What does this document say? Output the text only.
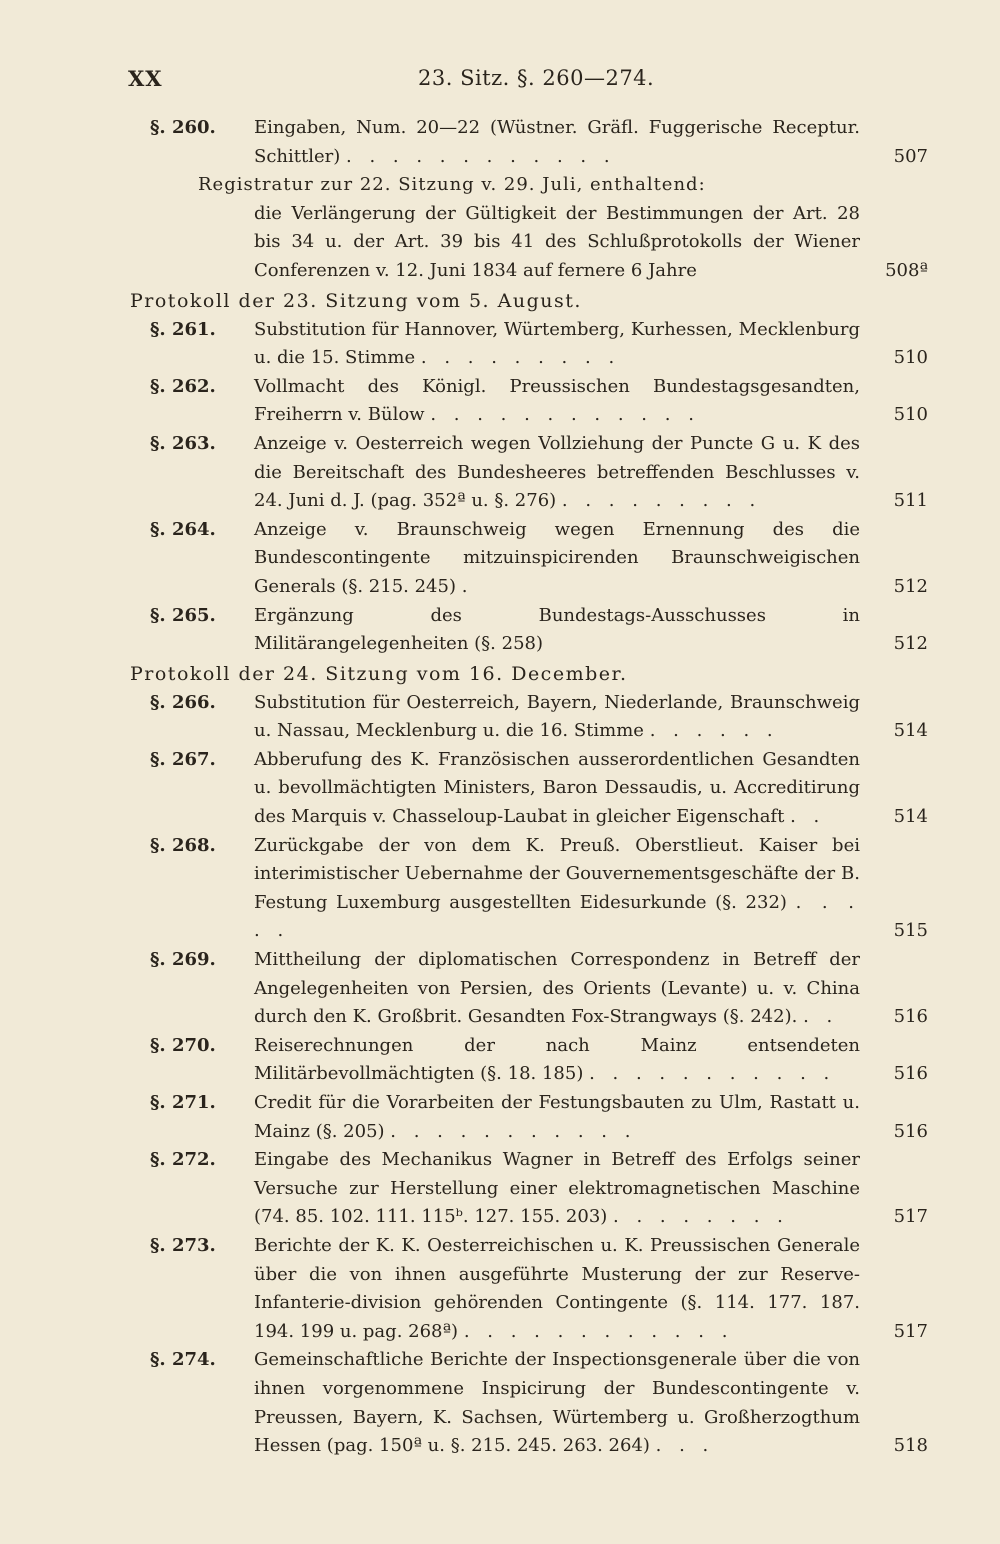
XX	23. Sitz. §. 260—274.
§. 260. Eingaben, Num. 20—22 (Wüstner. Gräfl. Fuggerische Receptur. Schittler) . . . . . . . . . . . .	507
Registratur zur 22. Sitzung v. 29. Juli, enthaltend:
die Verlängerung der Gültigkeit der Bestimmungen der Art. 28 bis 34 u. der Art. 39 bis 41 des Schlußprotokolls der Wiener Conferenzen v. 12. Juni 1834 auf fernere 6 Jahre	508ª
Protokoll der 23. Sitzung vom 5. August.
§. 261. Substitution für Hannover, Würtemberg, Kurhessen, Mecklenburg u. die 15. Stimme . . . . . . . . .	510
§. 262. Vollmacht des Königl. Preussischen Bundestagsgesandten, Freiherrn v. Bülow . . . . . . . . . . . .	510
§. 263. Anzeige v. Oesterreich wegen Vollziehung der Puncte G u. K des die Bereitschaft des Bundesheeres betreffenden Beschlusses v. 24. Juni d. J. (pag. 352ª u. §. 276) . . . . . . . . .	511
§. 264. Anzeige v. Braunschweig wegen Ernennung des die Bundescontingente mitzuinspicirenden Braunschweigischen Generals (§. 215. 245) .	512
§. 265. Ergänzung des Bundestags-Ausschusses in Militärangelegenheiten (§. 258)	512
Protokoll der 24. Sitzung vom 16. December.
§. 266. Substitution für Oesterreich, Bayern, Niederlande, Braunschweig u. Nassau, Mecklenburg u. die 16. Stimme . . . . . .	514
§. 267. Abberufung des K. Französischen ausserordentlichen Gesandten u. bevollmächtigten Ministers, Baron Dessaudis, u. Accreditirung des Marquis v. Chasseloup-Laubat in gleicher Eigenschaft . .	514
§. 268. Zurückgabe der von dem K. Preuß. Oberstlieut. Kaiser bei interimistischer Uebernahme der Gouvernementsgeschäfte der B. Festung Luxemburg ausgestellten Eidesurkunde (§. 232) . . . . .	515
§. 269. Mittheilung der diplomatischen Correspondenz in Betreff der Angelegenheiten von Persien, des Orients (Levante) u. v. China durch den K. Großbrit. Gesandten Fox-Strangways (§. 242). . .	516
§. 270. Reiserechnungen der nach Mainz entsendeten Militärbevollmächtigten (§. 18. 185) . . . . . . . . . . .	516
§. 271. Credit für die Vorarbeiten der Festungsbauten zu Ulm, Rastatt u. Mainz (§. 205) . . . . . . . . . . .	516
§. 272. Eingabe des Mechanikus Wagner in Betreff des Erfolgs seiner Versuche zur Herstellung einer elektromagnetischen Maschine (74. 85. 102. 111. 115ᵇ. 127. 155. 203) . . . . . . . .	517
§. 273. Berichte der K. K. Oesterreichischen u. K. Preussischen Generale über die von ihnen ausgeführte Musterung der zur Reserve-Infanterie-division gehörenden Contingente (§. 114. 177. 187. 194. 199 u. pag. 268ª) . . . . . . . . . . . .	517
§. 274. Gemeinschaftliche Berichte der Inspectionsgenerale über die von ihnen vorgenommene Inspicirung der Bundescontingente v. Preussen, Bayern, K. Sachsen, Würtemberg u. Großherzogthum Hessen (pag. 150ª u. §. 215. 245. 263. 264) . . .	518
